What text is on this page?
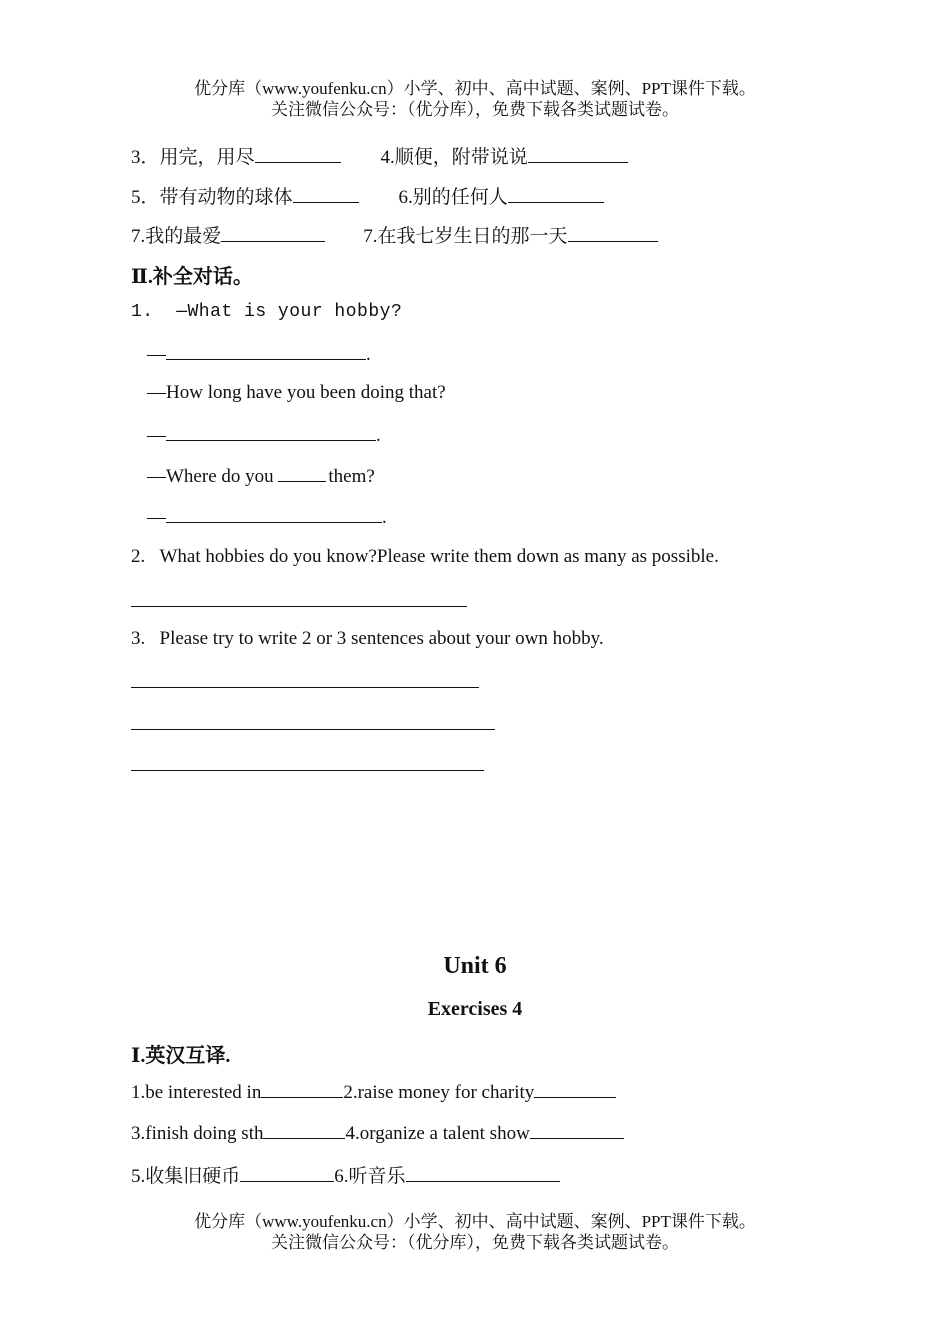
优分库（www.youfenku.cn）小学、初中、高中试题、案例、PPT课件下载。
关注微信公众号：（优分库），免费下载各类试题试卷。
3．用完，用尽	4.顺便，附带说说
5．带有动物的球体	6.别的任何人
7.我的最爱	7.在我七岁生日的那一天
Ⅱ.补全对话。
1.  —What is your hobby?
—	.
—How long have you been doing that?
—	.
—Where do you	them?
—	.
2.   What hobbies do you know?Please write them down as many as possible.
3.   Please try to write 2 or 3 sentences about your own hobby.
Unit 6
Exercises 4
Ⅰ.英汉互译.
1.be interested in	2.raise money for charity
3.finish doing sth	4.organize a talent show
5.收集旧硬币	6.听音乐
优分库（www.youfenku.cn）小学、初中、高中试题、案例、PPT课件下载。
关注微信公众号：（优分库），免费下载各类试题试卷。
